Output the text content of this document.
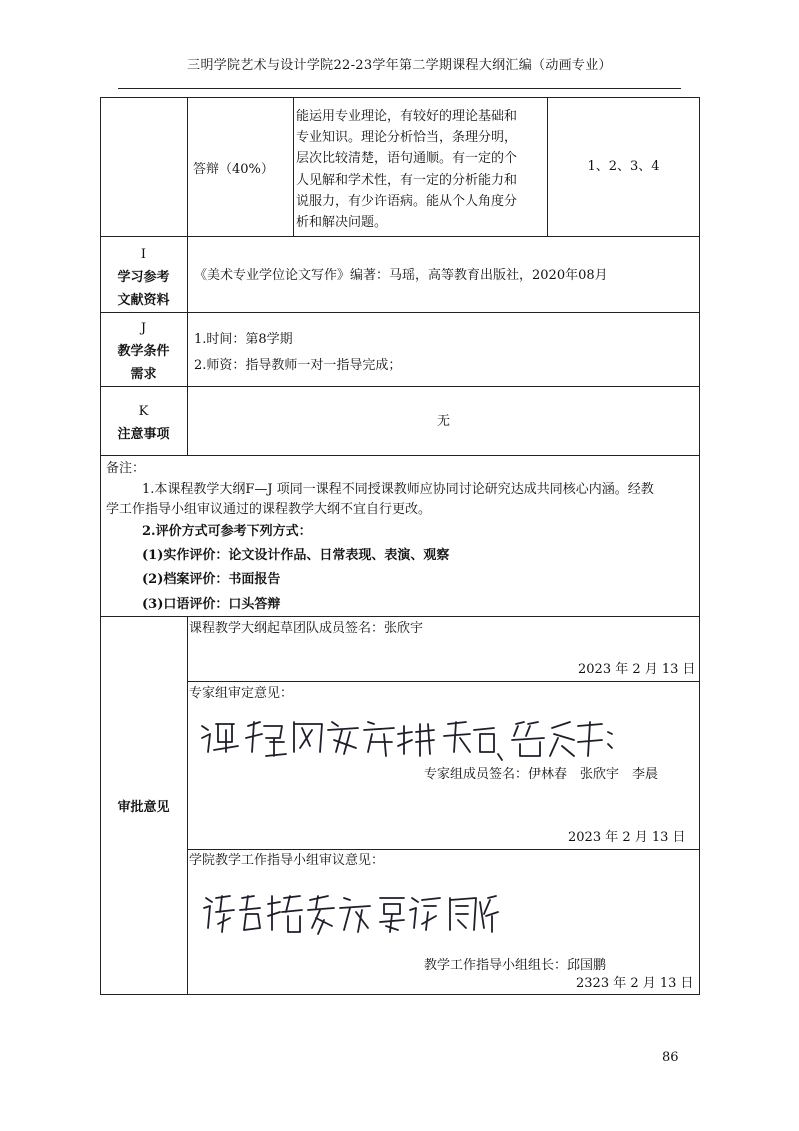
三明学院艺术与设计学院22-23学年第二学期课程大纲汇编（动画专业）
答辩（40%）
能运用专业理论，有较好的理论基础和
专业知识。理论分析恰当，条理分明，
层次比较清楚，语句通顺。有一定的个
人见解和学术性，有一定的分析能力和
说服力，有少许语病。能从个人角度分
析和解决问题。
1、2、3、4
I
学习参考
文献资料
《美术专业学位论文写作》编著：马瑶，高等教育出版社，2020年08月
J
教学条件
需求
1.时间：第8学期
2.师资：指导教师一对一指导完成；
K
注意事项
无
备注：
1.本课程教学大纲F—J 项同一课程不同授课教师应协同讨论研究达成共同核心内涵。经教
学工作指导小组审议通过的课程教学大纲不宜自行更改。
2.评价方式可参考下列方式：
(1)实作评价：论文设计作品、日常表现、表演、观察
(2)档案评价：书面报告
(3)口语评价：口头答辩
审批意见
课程教学大纲起草团队成员签名：张欣宇
2023 年 2 月 13 日
专家组审定意见：
专家组成员签名：伊林春　张欣宇　李晨
2023 年 2 月 13 日
学院教学工作指导小组审议意见：
教学工作指导小组组长：邱国鹏
2323 年 2 月 13 日
86
